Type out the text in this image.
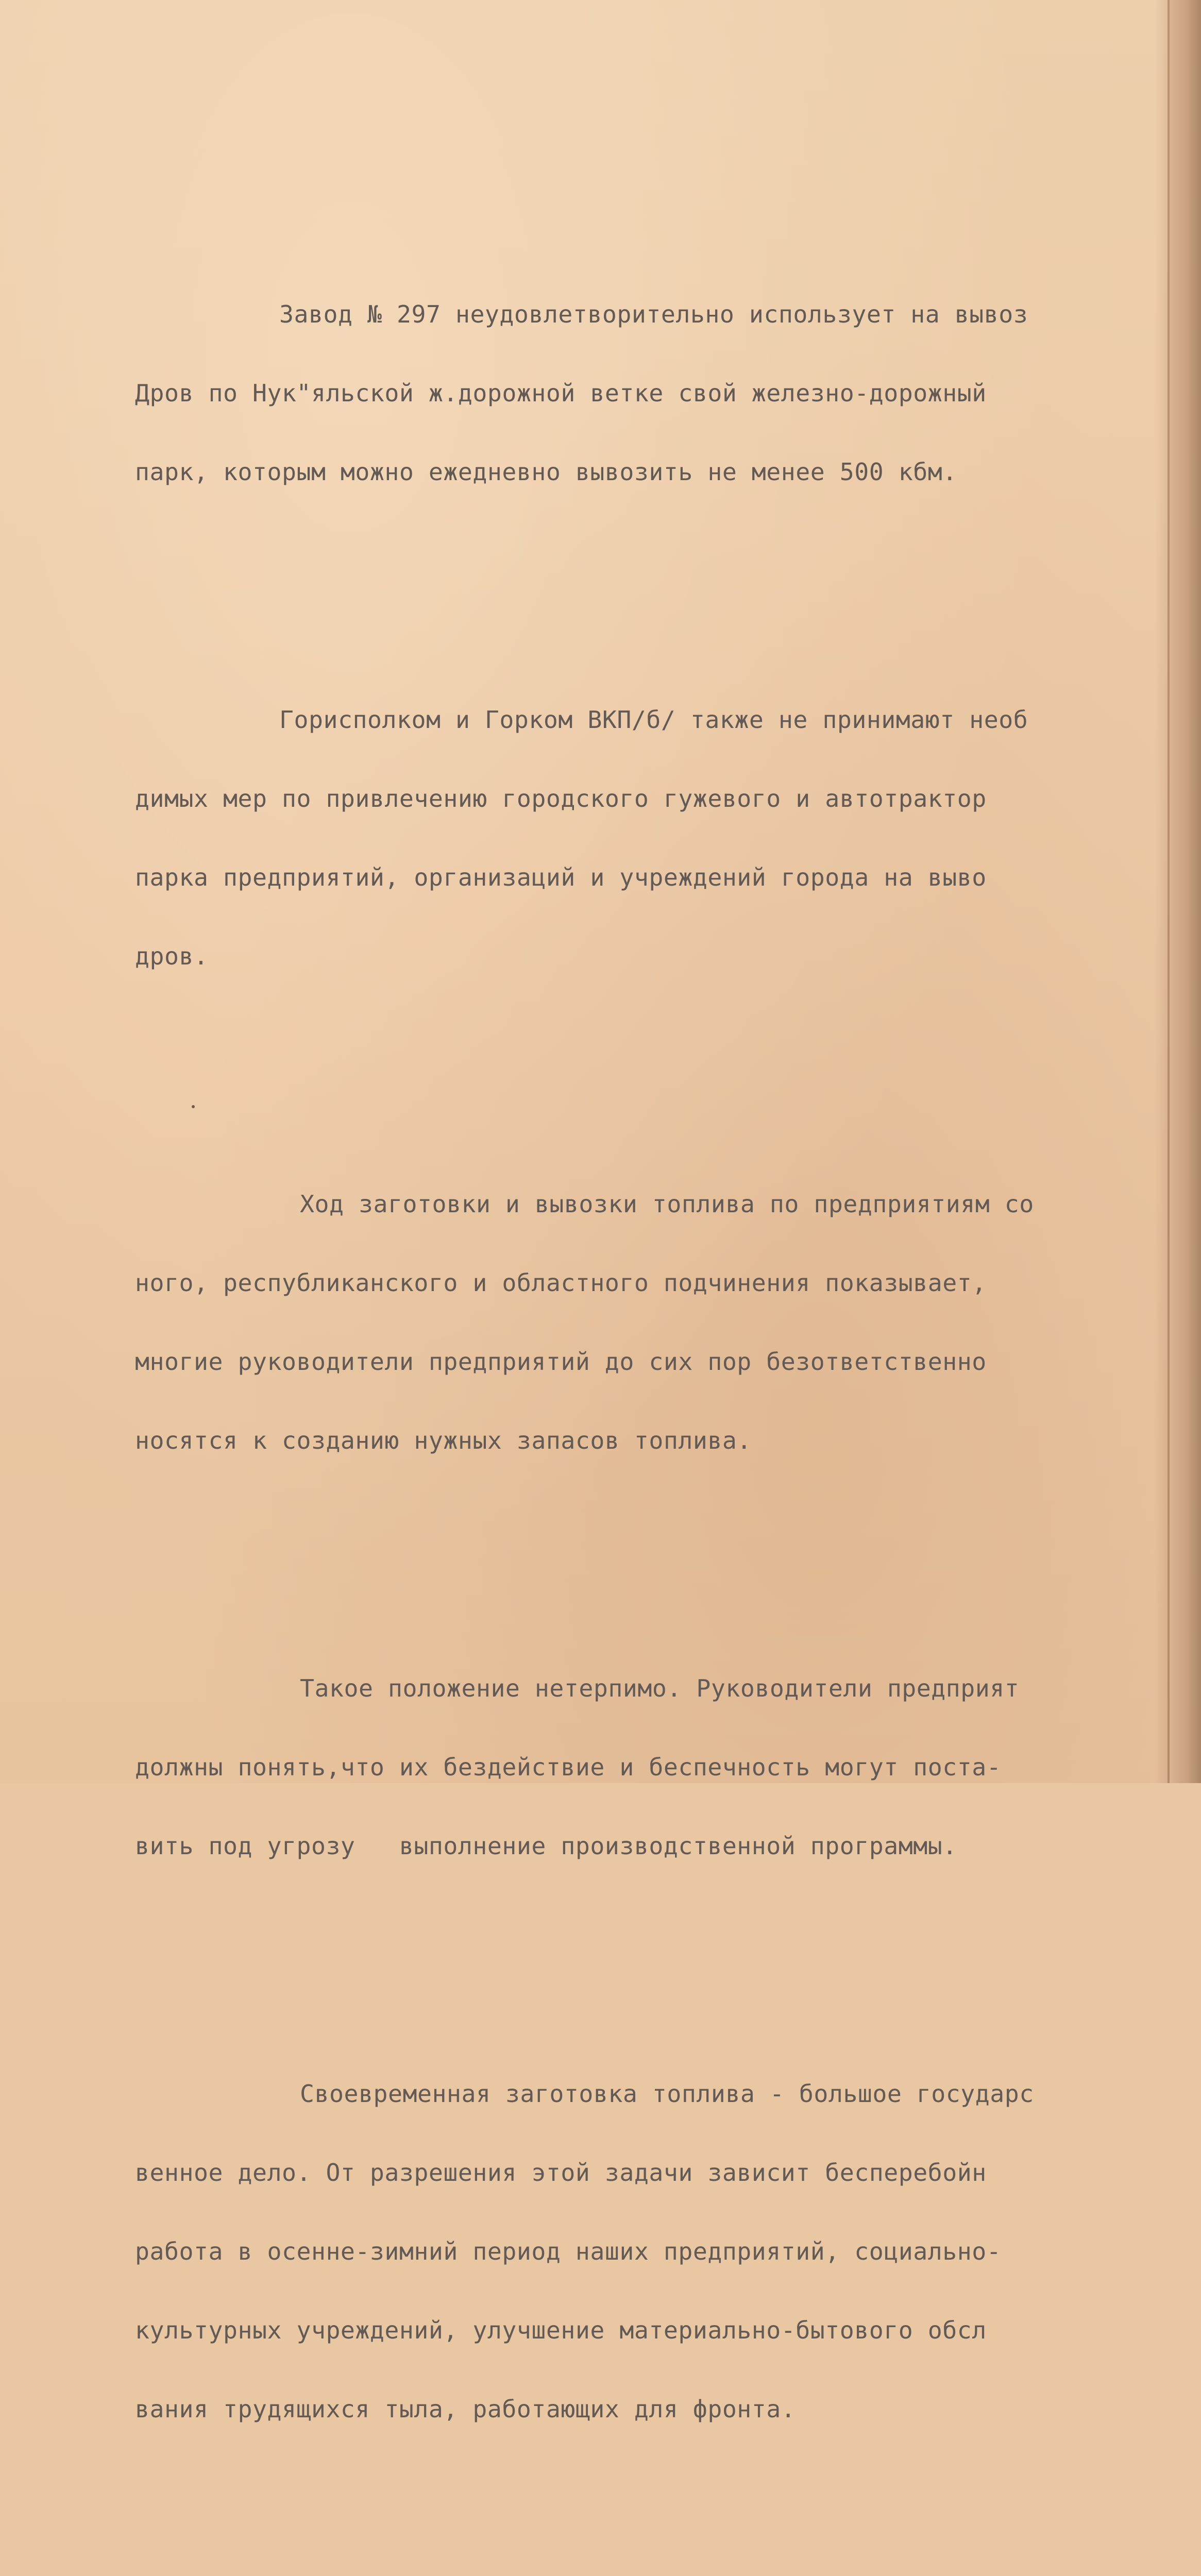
Завод № 297 неудовлетворительно использует на вывоз

Дров по Нук"яльской ж.дорожной ветке свой железно-дорожный

парк, которым можно ежедневно вывозить не менее 500 кбм.

Горисполком и Горком ВКП/б/ также не принимают необ

димых мер по привлечению городского гужевого и автотрактор

парка предприятий, организаций и учреждений города на выво

дров.

Ход заготовки и вывозки топлива по предприятиям со

ного, республиканского и областного подчинения показывает,

многие руководители предприятий до сих пор безответственно

носятся к созданию нужных запасов топлива.

Такое положение нетерпимо. Руководители предприят

должны понять,что их бездействие и беспечность могут поста-

вить под угрозу   выполнение производственной программы.

Своевременная заготовка топлива - большое государс

венное дело. От разрешения этой задачи зависит бесперебойн

работа в осенне-зимний период наших предприятий, социально-

культурных учреждений, улучшение материально-бытового обсл

вания трудящихся тыла, работающих для фронта.
